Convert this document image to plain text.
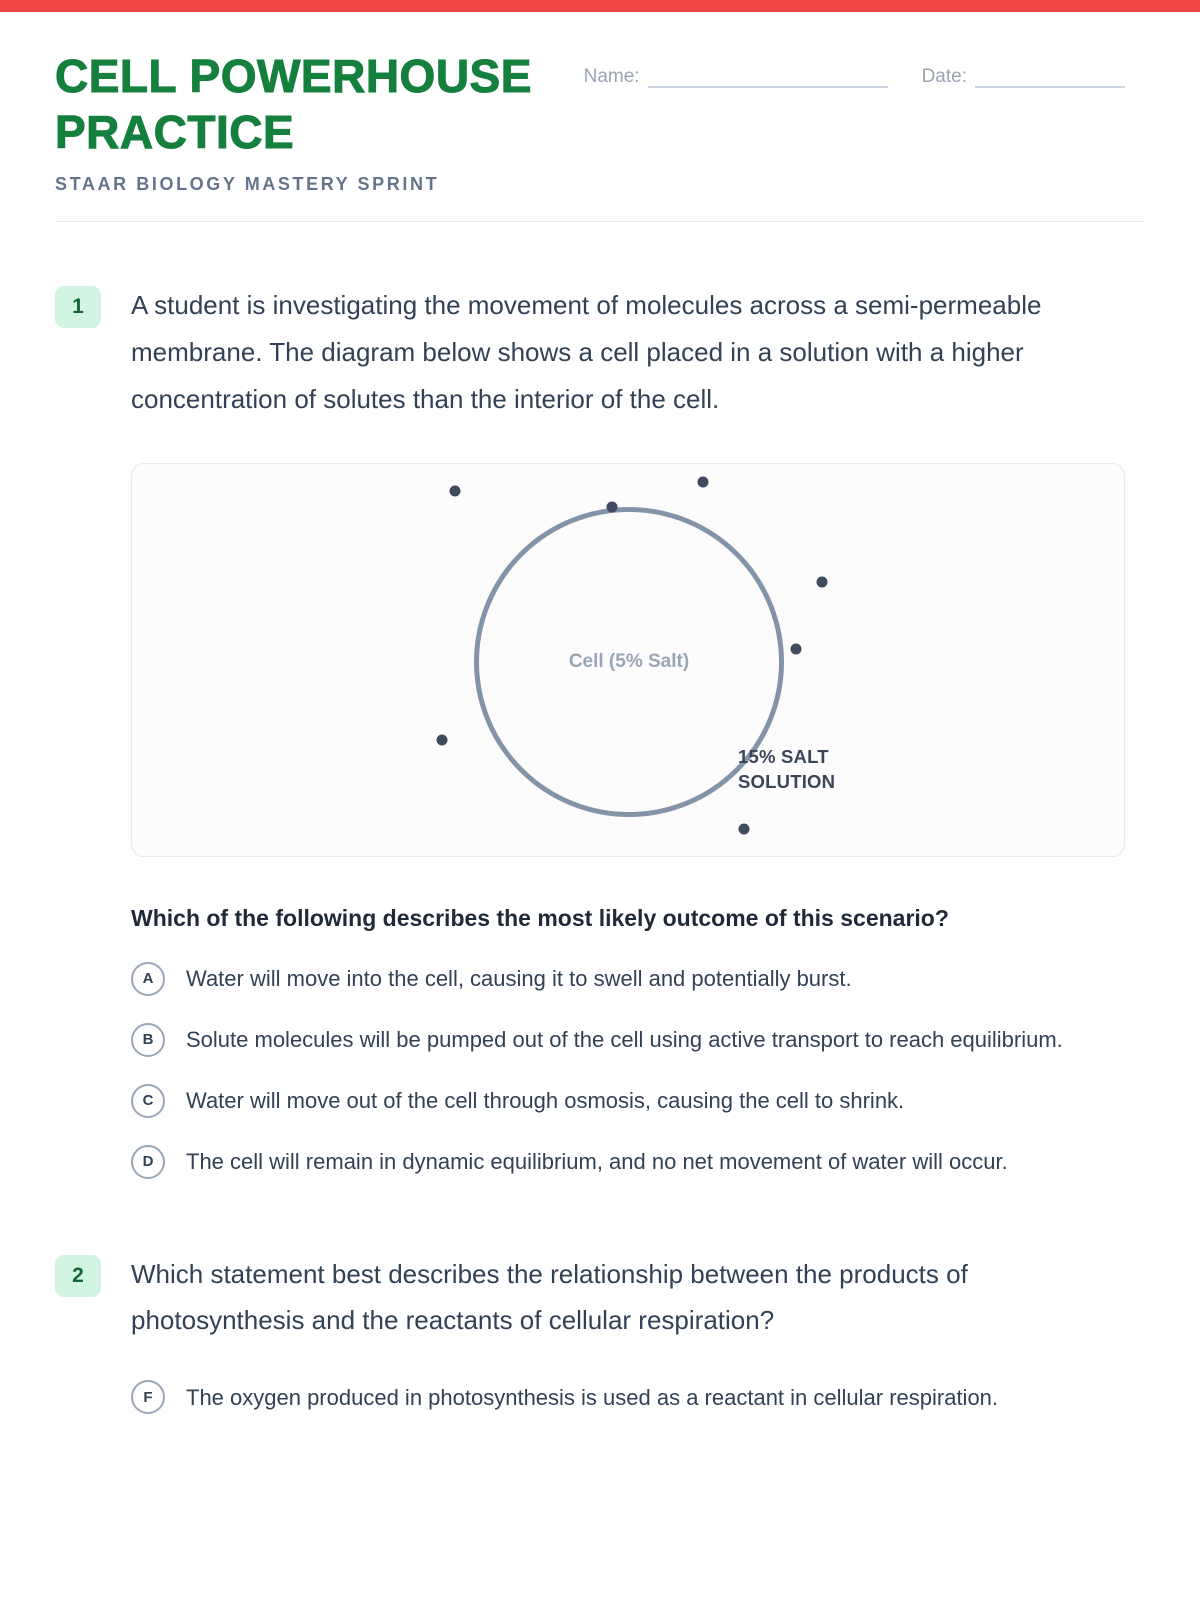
CELL POWERHOUSE
PRACTICE
STAAR BIOLOGY MASTERY SPRINT
Name:	Date:
1	A student is investigating the movement of molecules across a semi-permeable membrane. The diagram below shows a cell placed in a solution with a higher concentration of solutes than the interior of the cell.

Cell (5% Salt)
15% SALT SOLUTION

Which of the following describes the most likely outcome of this scenario?

A	Water will move into the cell, causing it to swell and potentially burst.
B	Solute molecules will be pumped out of the cell using active transport to reach equilibrium.
C	Water will move out of the cell through osmosis, causing the cell to shrink.
D	The cell will remain in dynamic equilibrium, and no net movement of water will occur.
2	Which statement best describes the relationship between the products of photosynthesis and the reactants of cellular respiration?

F	The oxygen produced in photosynthesis is used as a reactant in cellular respiration.
